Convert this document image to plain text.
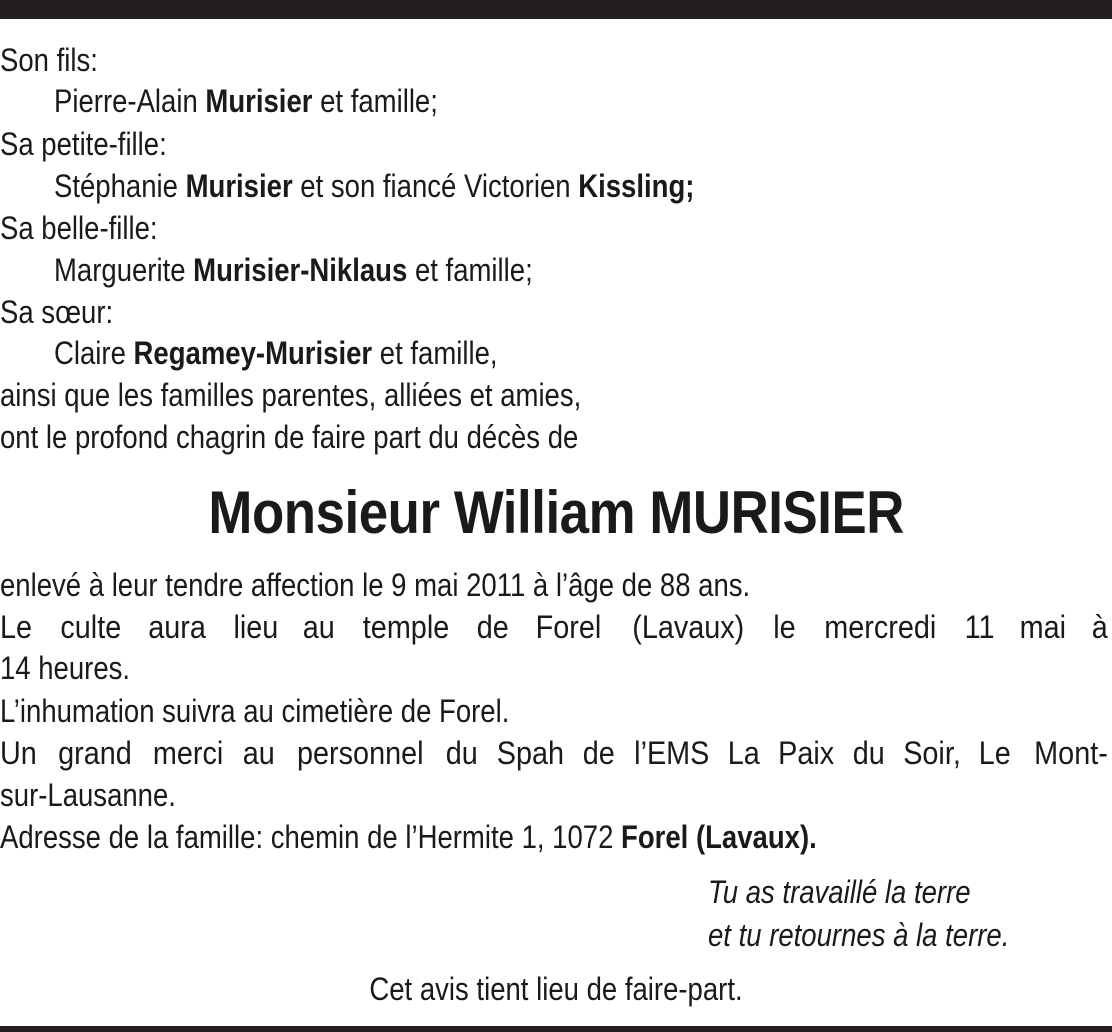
Son fils:
Pierre-Alain Murisier et famille;
Sa petite-fille:
Stéphanie Murisier et son fiancé Victorien Kissling;
Sa belle-fille:
Marguerite Murisier-Niklaus et famille;
Sa sœur:
Claire Regamey-Murisier et famille,
ainsi que les familles parentes, alliées et amies,
ont le profond chagrin de faire part du décès de
Monsieur William MURISIER
enlevé à leur tendre affection le 9 mai 2011 à l’âge de 88 ans.
Le culte aura lieu au temple de Forel (Lavaux) le mercredi 11 mai à
14 heures.
L’inhumation suivra au cimetière de Forel.
Un grand merci au personnel du Spah de l’EMS La Paix du Soir, Le Mont-
sur-Lausanne.
Adresse de la famille: chemin de l’Hermite 1, 1072 Forel (Lavaux).
Tu as travaillé la terre
et tu retournes à la terre.
Cet avis tient lieu de faire-part.
